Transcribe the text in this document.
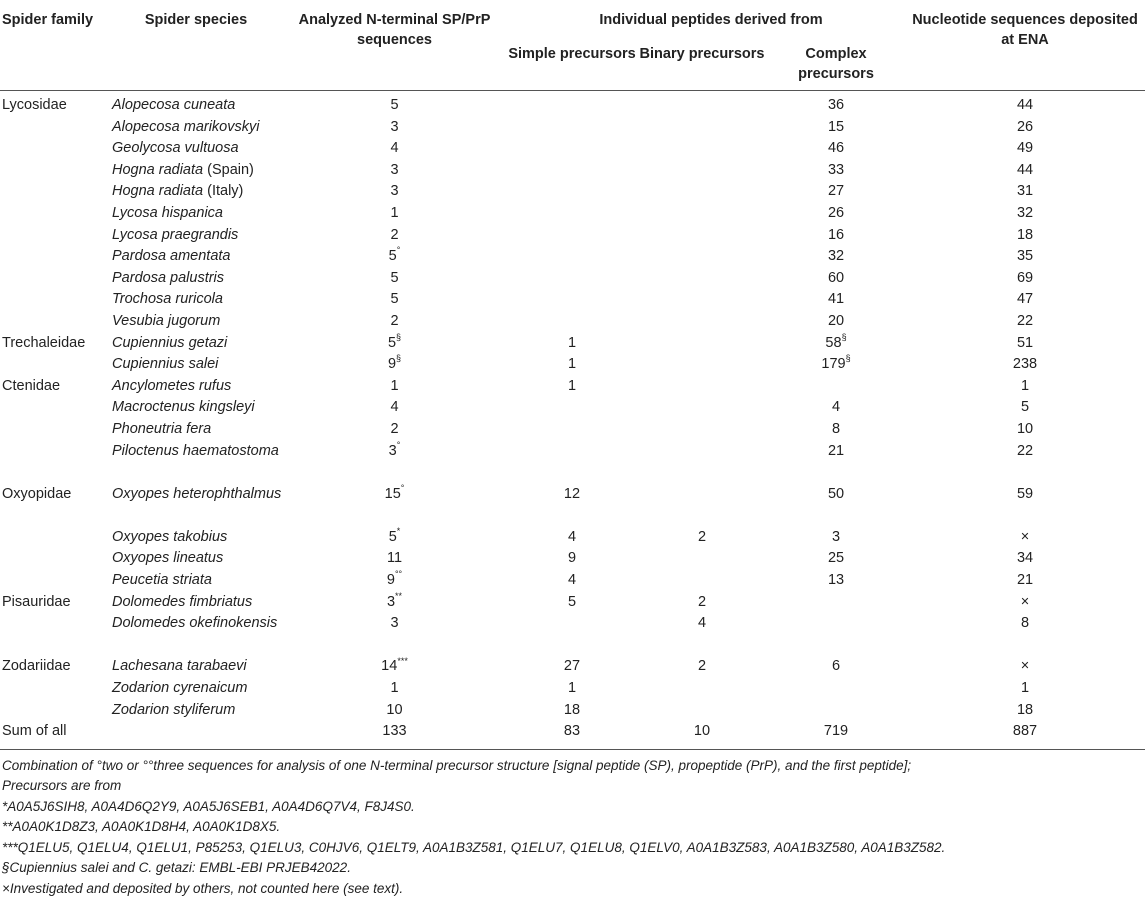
Spider family	Spider species	Analyzed N-terminal SP/PrP sequences	Individual peptides derived from			Nucleotide sequences deposited at ENA
			Simple precursors	Binary precursors	Complex precursors	
Lycosidae	Alopecosa cuneata	5			36	44
	Alopecosa marikovskyi	3			15	26
	Geolycosa vultuosa	4			46	49
	Hogna radiata (Spain)	3			33	44
	Hogna radiata (Italy)	3			27	31
	Lycosa hispanica	1			26	32
	Lycosa praegrandis	2			16	18
	Pardosa amentata	5°			32	35
	Pardosa palustris	5			60	69
	Trochosa ruricola	5			41	47
	Vesubia jugorum	2			20	22
Trechaleidae	Cupiennius getazi	5§	1		58§	51
	Cupiennius salei	9§	1		179§	238
Ctenidae	Ancylometes rufus	1	1			1
	Macroctenus kingsleyi	4			4	5
	Phoneutria fera	2			8	10
	Piloctenus haematostoma	3°			21	22
Oxyopidae	Oxyopes heterophthalmus	15°	12		50	59
	Oxyopes takobius	5*	4	2	3	×
	Oxyopes lineatus	11	9		25	34
	Peucetia striata	9°°	4		13	21
Pisauridae	Dolomedes fimbriatus	3**	5	2		×
	Dolomedes okefinokensis	3		4		8
Zodariidae	Lachesana tarabaevi	14***	27	2	6	×
	Zodarion cyrenaicum	1	1			1
	Zodarion styliferum	10	18			18
Sum of all		133	83	10	719	887
Combination of °two or °°three sequences for analysis of one N-terminal precursor structure [signal peptide (SP), propeptide (PrP), and the first peptide];
Precursors are from
*A0A5J6SIH8, A0A4D6Q2Y9, A0A5J6SEB1, A0A4D6Q7V4, F8J4S0.
**A0A0K1D8Z3, A0A0K1D8H4, A0A0K1D8X5.
***Q1ELU5, Q1ELU4, Q1ELU1, P85253, Q1ELU3, C0HJV6, Q1ELT9, A0A1B3Z581, Q1ELU7, Q1ELU8, Q1ELV0, A0A1B3Z583, A0A1B3Z580, A0A1B3Z582.
§Cupiennius salei and C. getazi: EMBL-EBI PRJEB42022.
×Investigated and deposited by others, not counted here (see text).
